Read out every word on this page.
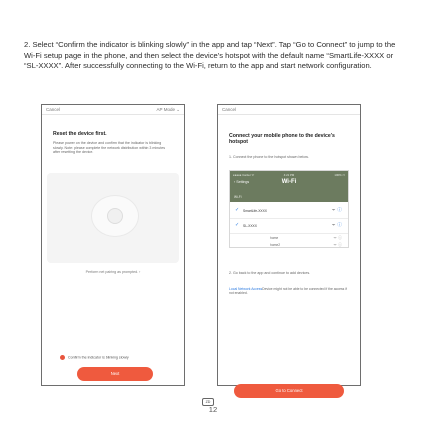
2. Select “Confirm the indicator is blinking slowly” in the app and tap “Next”. Tap “Go to Connect” to jump to the Wi-Fi setup page in the phone, and then select the device's hotspot with the default name “SmartLife-XXXX or “SL-XXXX”. After successfully connecting to the Wi-Fi, return to the app and start network configuration.
Cancel	AP Mode ⌄
Reset the device first.
Please power on the device and confirm that the indicator is blinking slowly. Note: please complete the network distribution within 3 minutes after resetting the device.
Perform net pairing as prompted. ›
Confirm the indicator is blinking slowly
Next
Cancel
Connect your mobile phone to the device's hotspot
1. Connect the phone to the hotspot shown below.
●●●●● Carrier ᯤ	4:21 PM	100% ▭
‹ Settings	Wi-Fi
Wi-Fi
✓ SmartLife-XXXX	ᯤ ⓘ
✓ SL-XXXX	ᯤ ⓘ
home	ᯤ ⓘ
home2	ᯤ ⓘ
2. Go back to the app and continue to add devices.
Local Network AccessDevice might not be able to be connected if the access if not enabled.
Go to Connect
ZD
12
